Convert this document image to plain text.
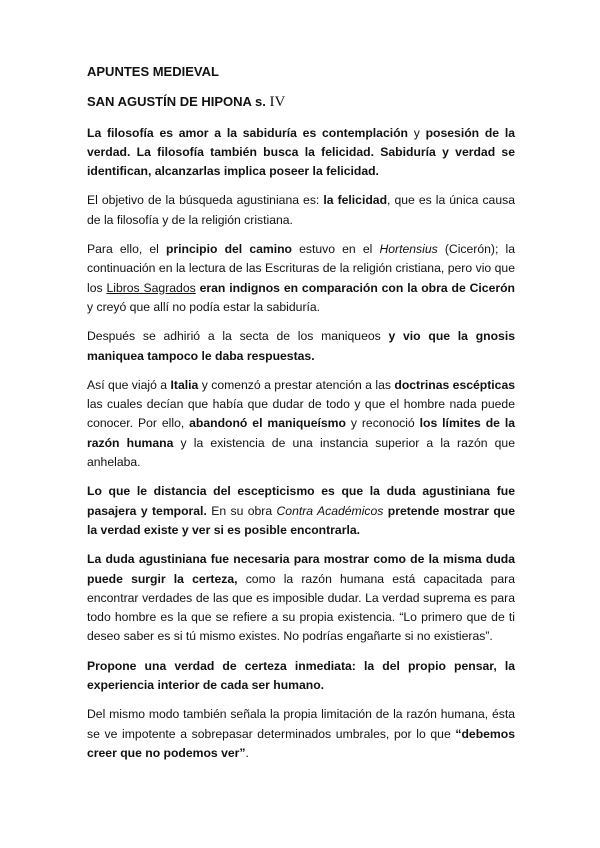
APUNTES MEDIEVAL
SAN AGUSTÍN DE HIPONA s. IV

La filosofía es amor a la sabiduría es contemplación y posesión de la verdad. La filosofía también busca la felicidad. Sabiduría y verdad se identifican, alcanzarlas implica poseer la felicidad.

El objetivo de la búsqueda agustiniana es: la felicidad, que es la única causa de la filosofía y de la religión cristiana.

Para ello, el principio del camino estuvo en el Hortensius (Cicerón); la continuación en la lectura de las Escrituras de la religión cristiana, pero vio que los Libros Sagrados eran indignos en comparación con la obra de Cicerón y creyó que allí no podía estar la sabiduría.

Después se adhirió a la secta de los maniqueos y vio que la gnosis maniquea tampoco le daba respuestas.

Así que viajó a Italia y comenzó a prestar atención a las doctrinas escépticas las cuales decían que había que dudar de todo y que el hombre nada puede conocer. Por ello, abandonó el maniqueísmo y reconoció los límites de la razón humana y la existencia de una instancia superior a la razón que anhelaba.

Lo que le distancia del escepticismo es que la duda agustiniana fue pasajera y temporal. En su obra Contra Académicos pretende mostrar que la verdad existe y ver si es posible encontrarla.

La duda agustiniana fue necesaria para mostrar como de la misma duda puede surgir la certeza, como la razón humana está capacitada para encontrar verdades de las que es imposible dudar. La verdad suprema es para todo hombre es la que se refiere a su propia existencia. “Lo primero que de ti deseo saber es si tú mismo existes. No podrías engañarte si no existieras”.

Propone una verdad de certeza inmediata: la del propio pensar, la experiencia interior de cada ser humano.

Del mismo modo también señala la propia limitación de la razón humana, ésta se ve impotente a sobrepasar determinados umbrales, por lo que “debemos creer que no podemos ver”.
